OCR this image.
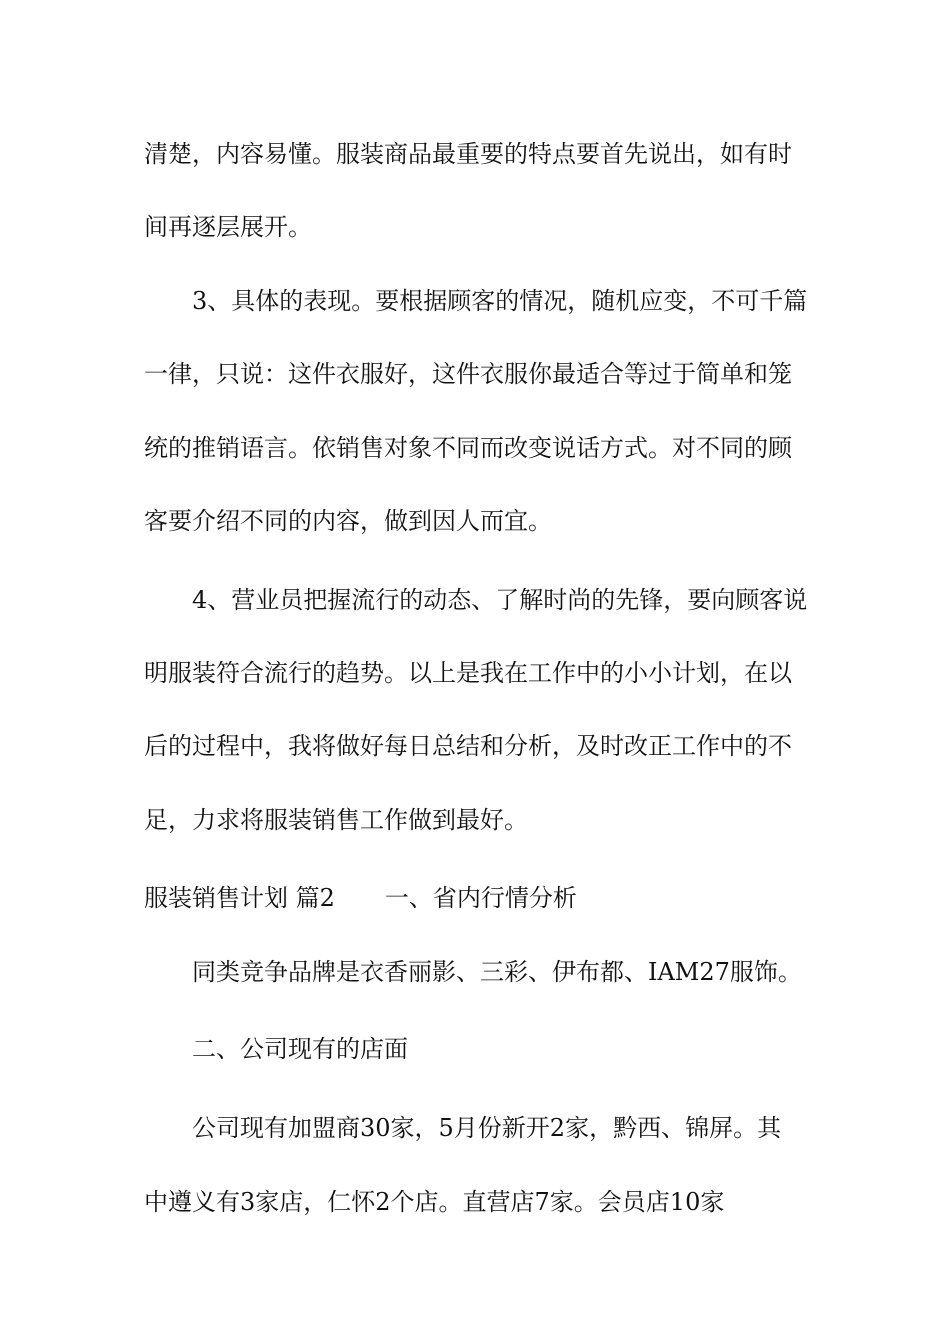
清楚，内容易懂。服装商品最重要的特点要首先说出，如有时
间再逐层展开。
3、具体的表现。要根据顾客的情况，随机应变，不可千篇
一律，只说：这件衣服好，这件衣服你最适合等过于简单和笼
统的推销语言。依销售对象不同而改变说话方式。对不同的顾
客要介绍不同的内容，做到因人而宜。
4、营业员把握流行的动态、了解时尚的先锋，要向顾客说
明服装符合流行的趋势。以上是我在工作中的小小计划，在以
后的过程中，我将做好每日总结和分析，及时改正工作中的不
足，力求将服装销售工作做到最好。
服装销售计划 篇2 一、省内行情分析
同类竞争品牌是衣香丽影、三彩、伊布都、IAM27服饰。
二、公司现有的店面
公司现有加盟商30家，5月份新开2家，黔西、锦屏。其
中遵义有3家店，仁怀2个店。直营店7家。会员店10家
